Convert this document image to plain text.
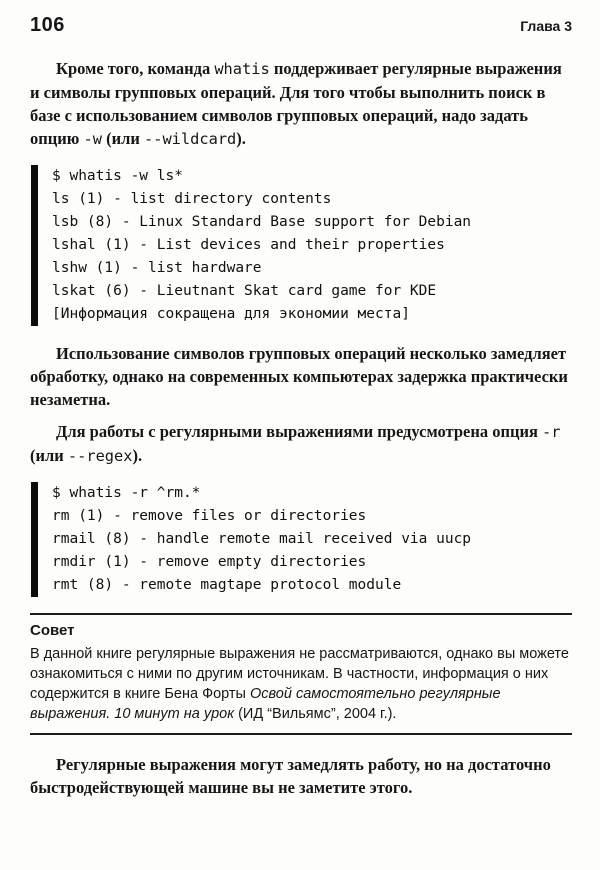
106	Глава 3

Кроме того, команда whatis поддерживает регулярные выражения и символы групповых операций. Для того чтобы выполнить поиск в базе с использованием символов групповых операций, надо задать опцию -w (или --wildcard).

$ whatis -w ls*
ls (1) - list directory contents
lsb (8) - Linux Standard Base support for Debian
lshal (1) - List devices and their properties
lshw (1) - list hardware
lskat (6) - Lieutnant Skat card game for KDE
[Информация сокращена для экономии места]

Использование символов групповых операций несколько замедляет обработку, однако на современных компьютерах задержка практически незаметна.

Для работы с регулярными выражениями предусмотрена опция -r (или --regex).

$ whatis -r ^rm.*
rm (1) - remove files or directories
rmail (8) - handle remote mail received via uucp
rmdir (1) - remove empty directories
rmt (8) - remote magtape protocol module
Совет

В данной книге регулярные выражения не рассматриваются, однако вы можете ознакомиться с ними по другим источникам. В частности, информация о них содержится в книге Бена Форты Освой самостоятельно регулярные выражения. 10 минут на урок (ИД “Вильямс”, 2004 г.).

Регулярные выражения могут замедлять работу, но на достаточно быстродействующей машине вы не заметите этого.
